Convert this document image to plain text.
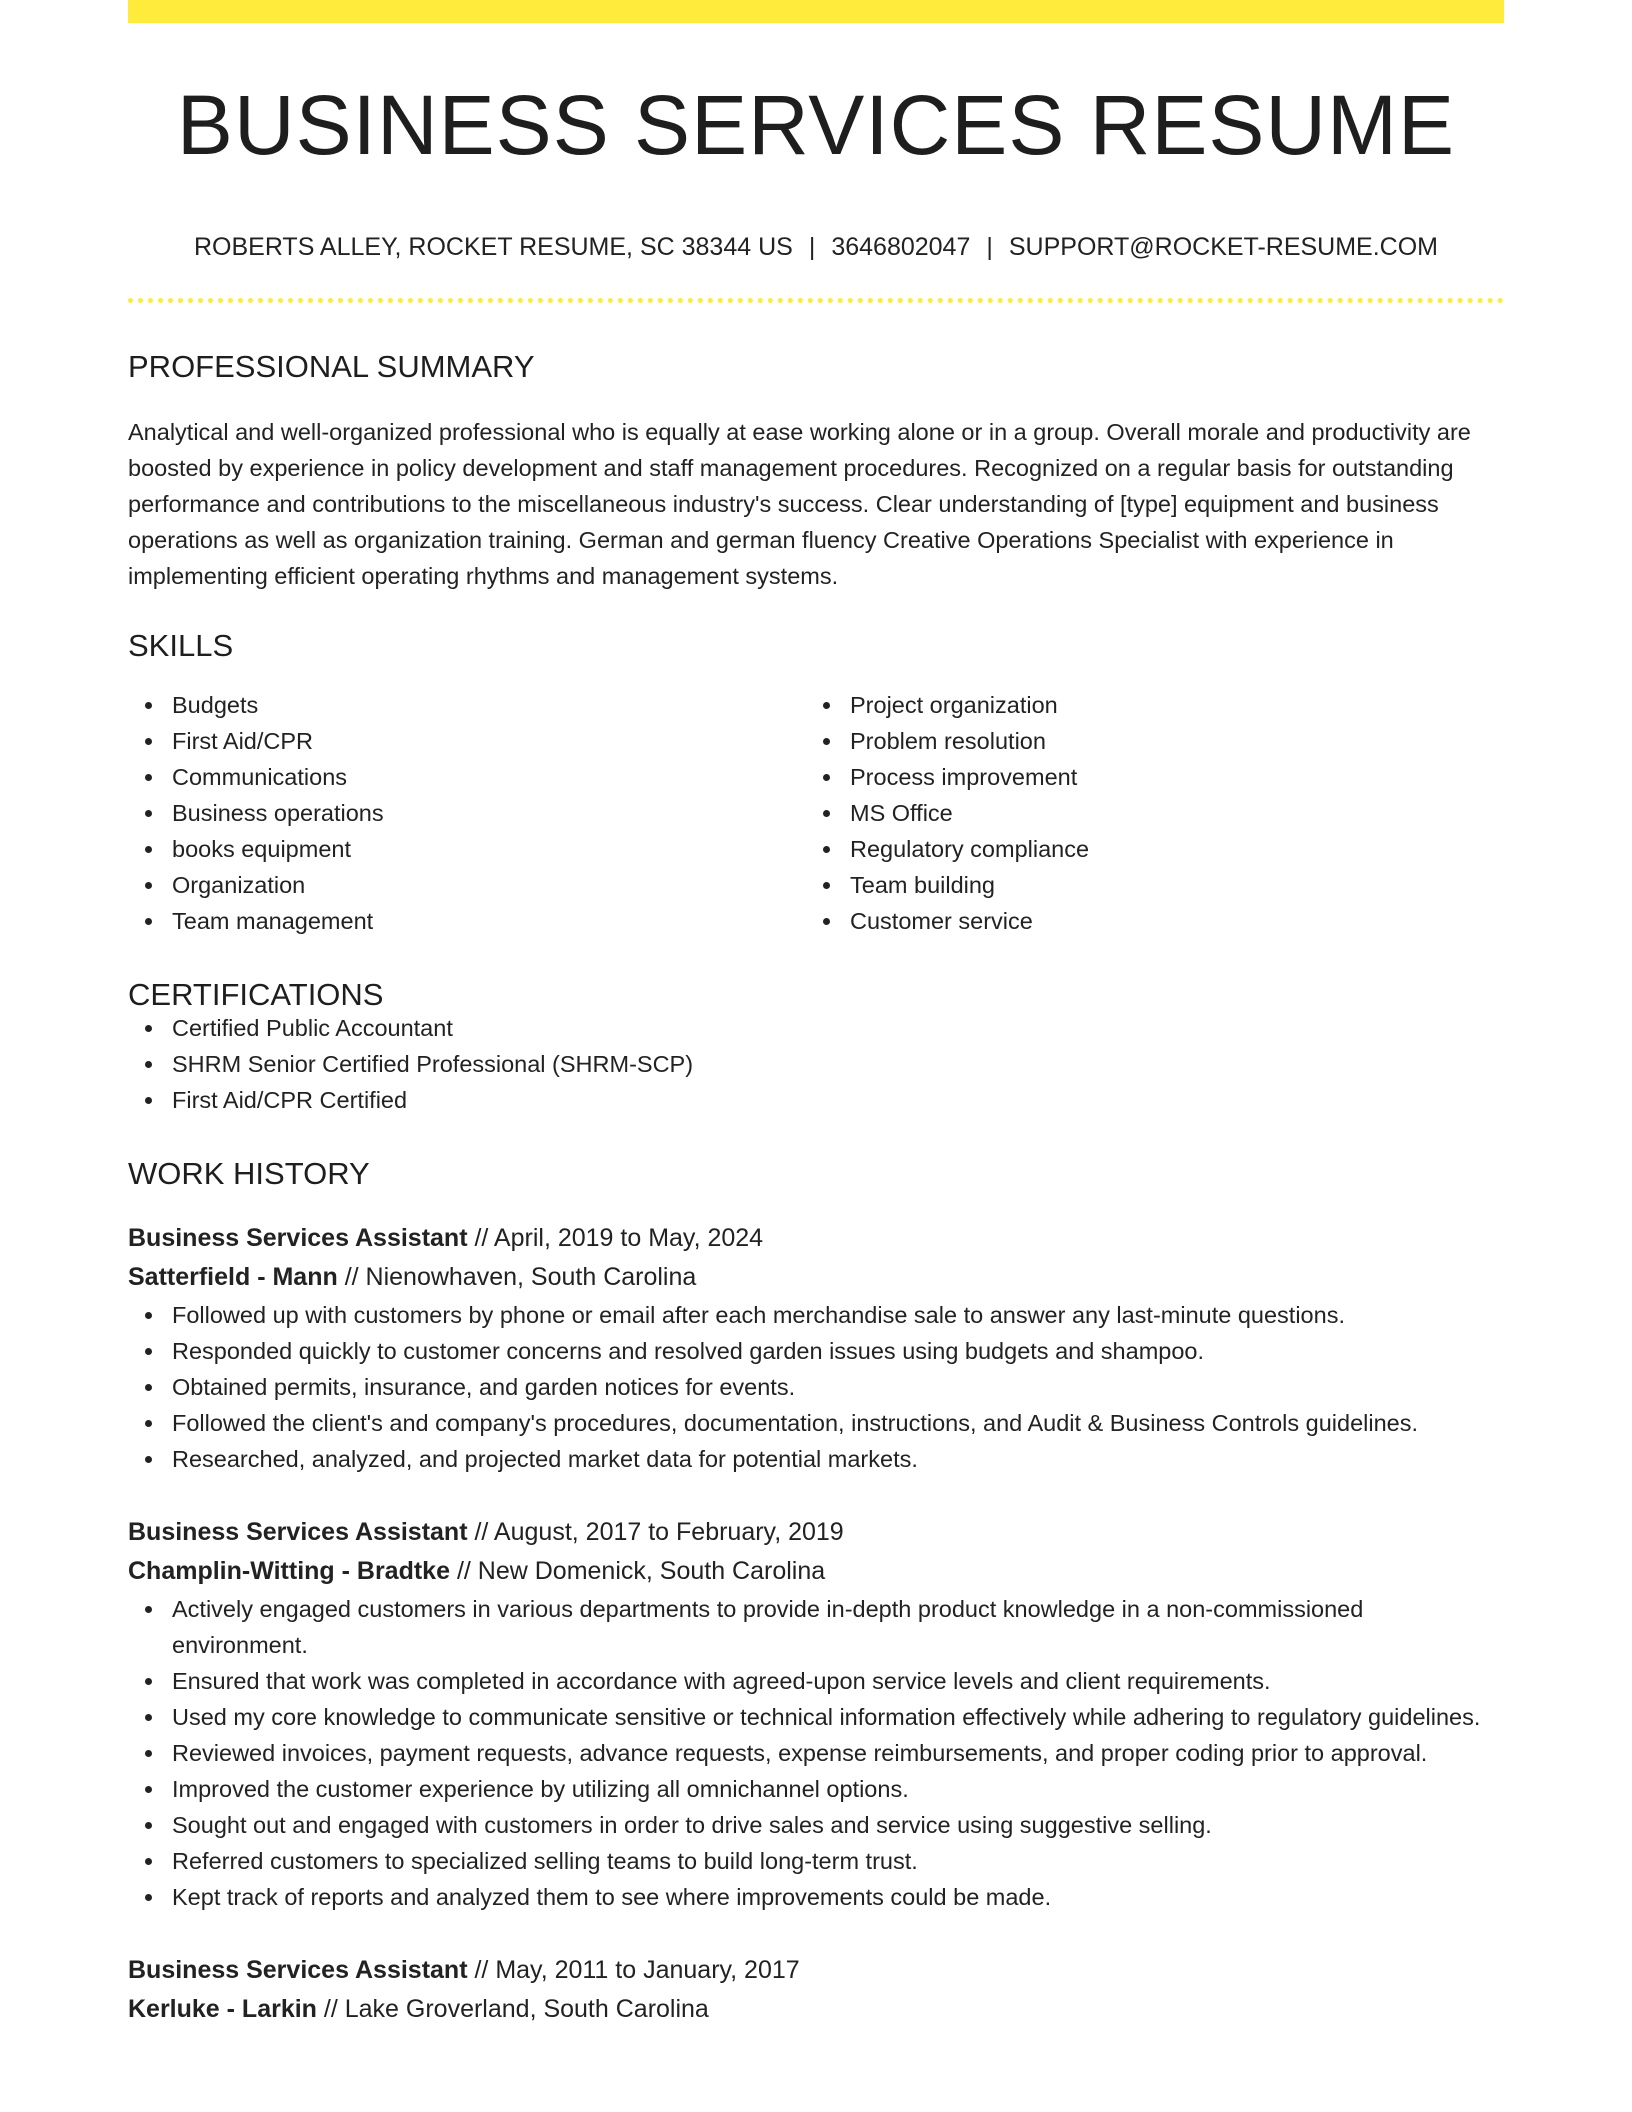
BUSINESS SERVICES RESUME
ROBERTS ALLEY, ROCKET RESUME, SC 38344 US | 3646802047 | SUPPORT@ROCKET-RESUME.COM
PROFESSIONAL SUMMARY

Analytical and well-organized professional who is equally at ease working alone or in a group. Overall morale and productivity are boosted by experience in policy development and staff management procedures. Recognized on a regular basis for outstanding performance and contributions to the miscellaneous industry's success. Clear understanding of [type] equipment and business operations as well as organization training. German and german fluency Creative Operations Specialist with experience in implementing efficient operating rhythms and management systems.

SKILLS
Budgets
First Aid/CPR
Communications
Business operations
books equipment
Organization
Team management
Project organization
Problem resolution
Process improvement
MS Office
Regulatory compliance
Team building
Customer service
CERTIFICATIONS
Certified Public Accountant
SHRM Senior Certified Professional (SHRM-SCP)
First Aid/CPR Certified
WORK HISTORY
Business Services Assistant // April, 2019 to May, 2024
Satterfield - Mann // Nienowhaven, South Carolina
Followed up with customers by phone or email after each merchandise sale to answer any last-minute questions.
Responded quickly to customer concerns and resolved garden issues using budgets and shampoo.
Obtained permits, insurance, and garden notices for events.
Followed the client's and company's procedures, documentation, instructions, and Audit & Business Controls guidelines.
Researched, analyzed, and projected market data for potential markets.
Business Services Assistant // August, 2017 to February, 2019
Champlin-Witting - Bradtke // New Domenick, South Carolina
Actively engaged customers in various departments to provide in-depth product knowledge in a non-commissioned environment.
Ensured that work was completed in accordance with agreed-upon service levels and client requirements.
Used my core knowledge to communicate sensitive or technical information effectively while adhering to regulatory guidelines.
Reviewed invoices, payment requests, advance requests, expense reimbursements, and proper coding prior to approval.
Improved the customer experience by utilizing all omnichannel options.
Sought out and engaged with customers in order to drive sales and service using suggestive selling.
Referred customers to specialized selling teams to build long-term trust.
Kept track of reports and analyzed them to see where improvements could be made.
Business Services Assistant // May, 2011 to January, 2017
Kerluke - Larkin // Lake Groverland, South Carolina
